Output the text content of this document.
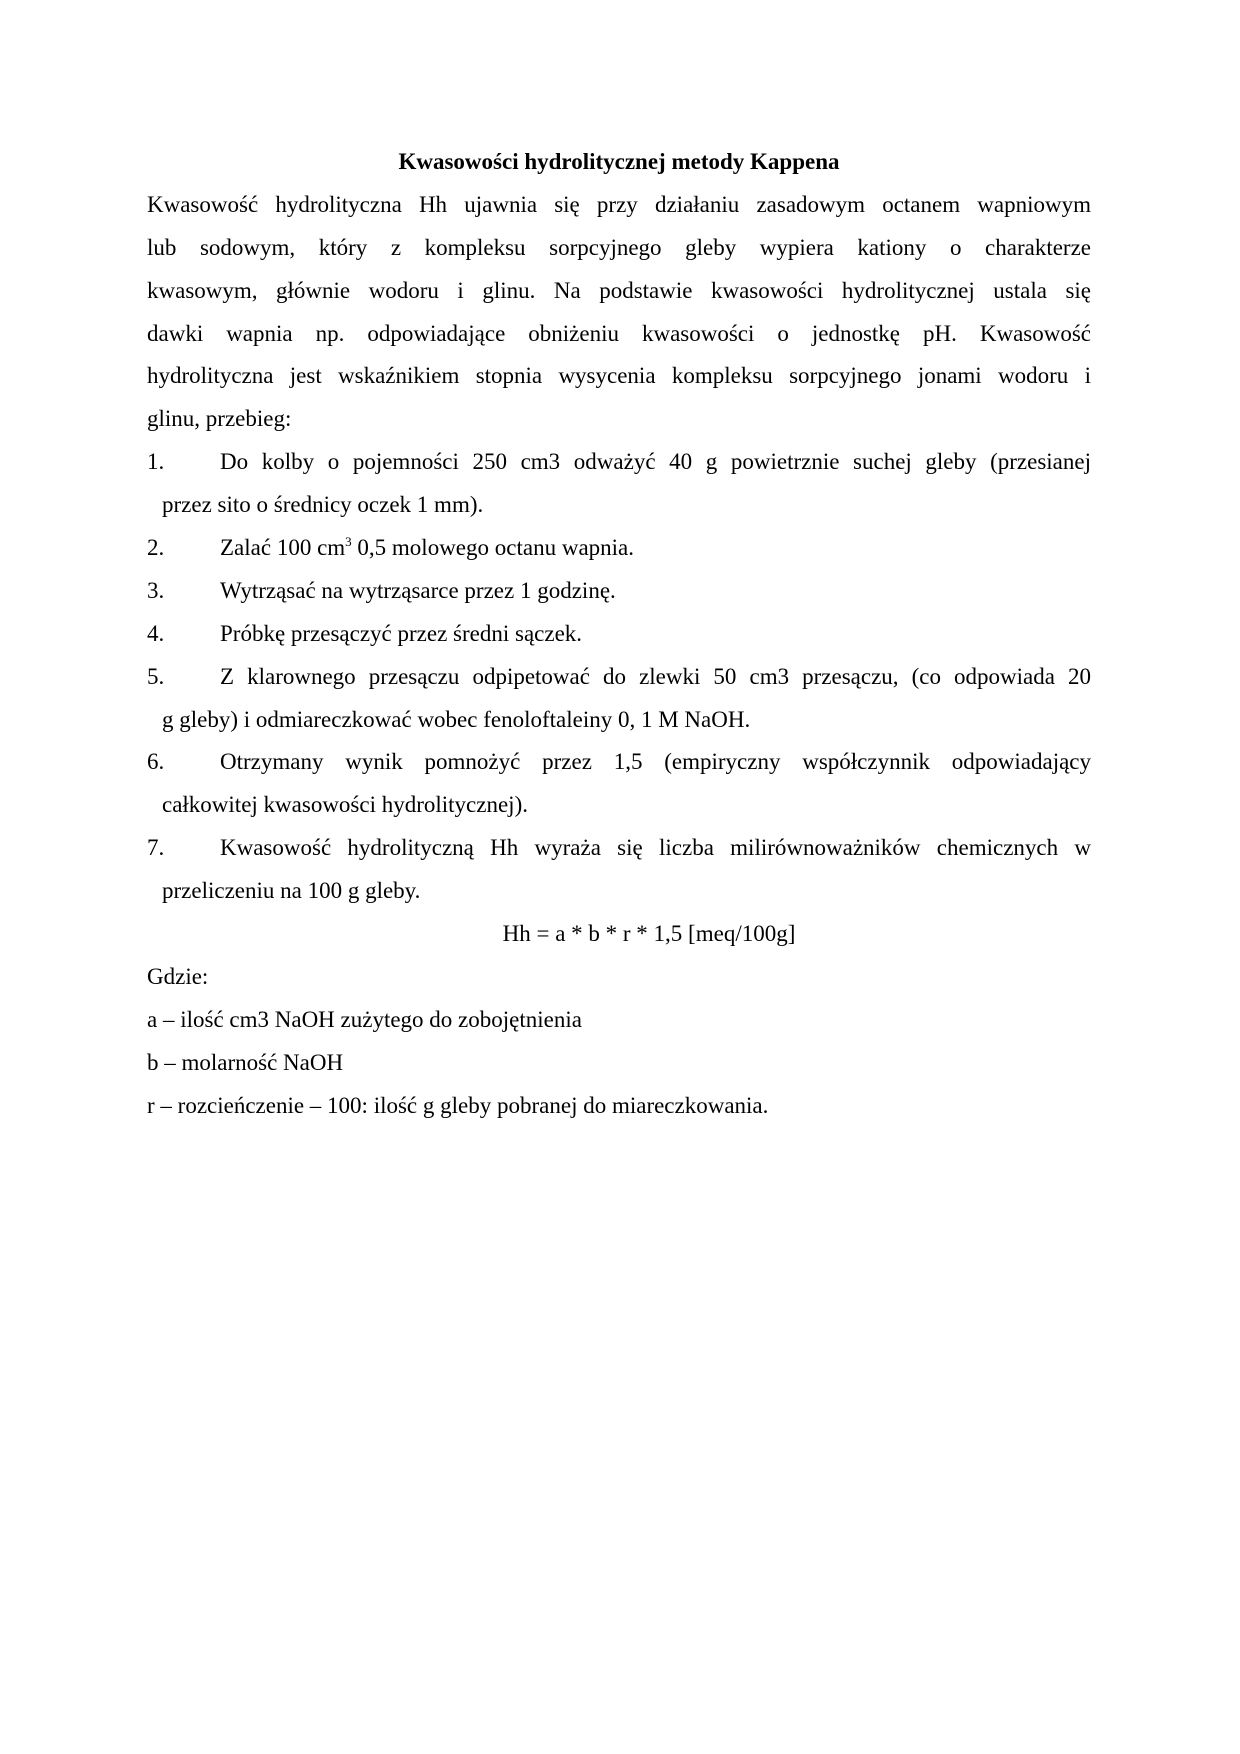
Kwasowości hydrolitycznej metody Kappena
Kwasowość hydrolityczna Hh ujawnia się przy działaniu zasadowym octanem wapniowym
lub sodowym, który z kompleksu sorpcyjnego gleby wypiera kationy o charakterze
kwasowym, głównie wodoru i glinu. Na podstawie kwasowości hydrolitycznej ustala się
dawki wapnia np. odpowiadające obniżeniu kwasowości o jednostkę pH. Kwasowość
hydrolityczna jest wskaźnikiem stopnia wysycenia kompleksu sorpcyjnego jonami wodoru i
glinu, przebieg:
1.	Do kolby o pojemności 250 cm3 odważyć 40 g powietrznie suchej gleby (przesianej
przez sito o średnicy oczek 1 mm).
2.	Zalać 100 $cm^3$ 0,5 molowego octanu wapnia.
3.	Wytrząsać na wytrząsarce przez 1 godzinę.
4.	Próbkę przesączyć przez średni sączek.
5.	Z klarownego przesączu odpipetować do zlewki 50 cm3 przesączu, (co odpowiada 20
g gleby) i odmiareczkować wobec fenoloftaleiny 0, 1 M NaOH.
6.	Otrzymany wynik pomnożyć przez 1,5 (empiryczny współczynnik odpowiadający
całkowitej kwasowości hydrolitycznej).
7.	Kwasowość hydrolityczną Hh wyraża się liczba milirównoważników chemicznych w
przeliczeniu na 100 g gleby.
Hh = a * b * r * 1,5 [meq/100g]
Gdzie:
a – ilość cm3 NaOH zużytego do zobojętnienia
b – molarność NaOH
r – rozcieńczenie – 100: ilość g gleby pobranej do miareczkowania.
